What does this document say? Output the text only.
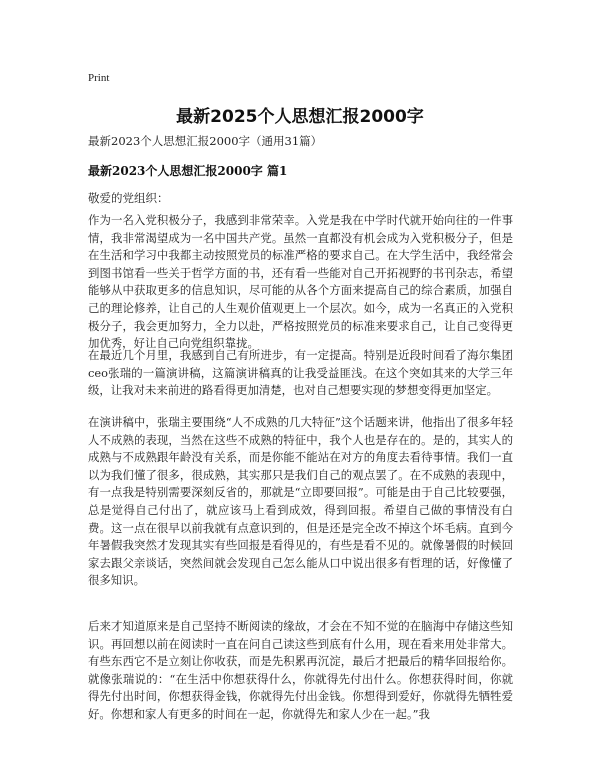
Print
最新2025个人思想汇报2000字
最新2023个人思想汇报2000字（通用31篇）
最新2023个人思想汇报2000字 篇1
敬爱的党组织：

作为一名入党积极分子，我感到非常荣幸。入党是我在中学时代就开始向往的一件事情，我非常渴望成为一名中国共产党。虽然一直都没有机会成为入党积极分子，但是在生活和学习中我都主动按照党员的标准严格的要求自己。在大学生活中，我经常会到图书馆看一些关于哲学方面的书，还有看一些能对自己开拓视野的书刊杂志，希望能够从中获取更多的信息知识，尽可能的从各个方面来提高自己的综合素质，加强自己的理论修养，让自己的人生观价值观更上一个层次。如今，成为一名真正的入党积极分子，我会更加努力，全力以赴，严格按照党员的标准来要求自己，让自己变得更加优秀，好让自己向党组织靠拢。

在最近几个月里，我感到自己有所进步，有一定提高。特别是近段时间看了海尔集团ceo张瑞的一篇演讲稿，这篇演讲稿真的让我受益匪浅。在这个突如其来的大学三年级，让我对未来前进的路看得更加清楚，也对自己想要实现的梦想变得更加坚定。

在演讲稿中，张瑞主要围绕“人不成熟的几大特征”这个话题来讲，他指出了很多年轻人不成熟的表现，当然在这些不成熟的特征中，我个人也是存在的。是的，其实人的成熟与不成熟跟年龄没有关系，而是你能不能站在对方的角度去看待事情。我们一直以为我们懂了很多，很成熟，其实那只是我们自己的观点罢了。在不成熟的表现中，有一点我是特别需要深刻反省的，那就是“立即要回报”。可能是由于自己比较要强，总是觉得自己付出了，就应该马上看到成效，得到回报。希望自己做的事情没有白费。这一点在很早以前我就有点意识到的，但是还是完全改不掉这个坏毛病。直到今年暑假我突然才发现其实有些回报是看得见的，有些是看不见的。就像暑假的时候回家去跟父亲谈话，突然间就会发现自己怎么能从口中说出很多有哲理的话，好像懂了很多知识。

后来才知道原来是自己坚持不断阅读的缘故，才会在不知不觉的在脑海中存储这些知识。再回想以前在阅读时一直在问自己读这些到底有什么用，现在看来用处非常大。有些东西它不是立刻让你收获，而是先积累再沉淀，最后才把最后的精华回报给你。就像张瑞说的：“在生活中你想获得什么，你就得先付出什么。你想获得时间，你就得先付出时间，你想获得金钱，你就得先付出金钱。你想得到爱好，你就得先牺牲爱好。你想和家人有更多的时间在一起，你就得先和家人少在一起。”我
